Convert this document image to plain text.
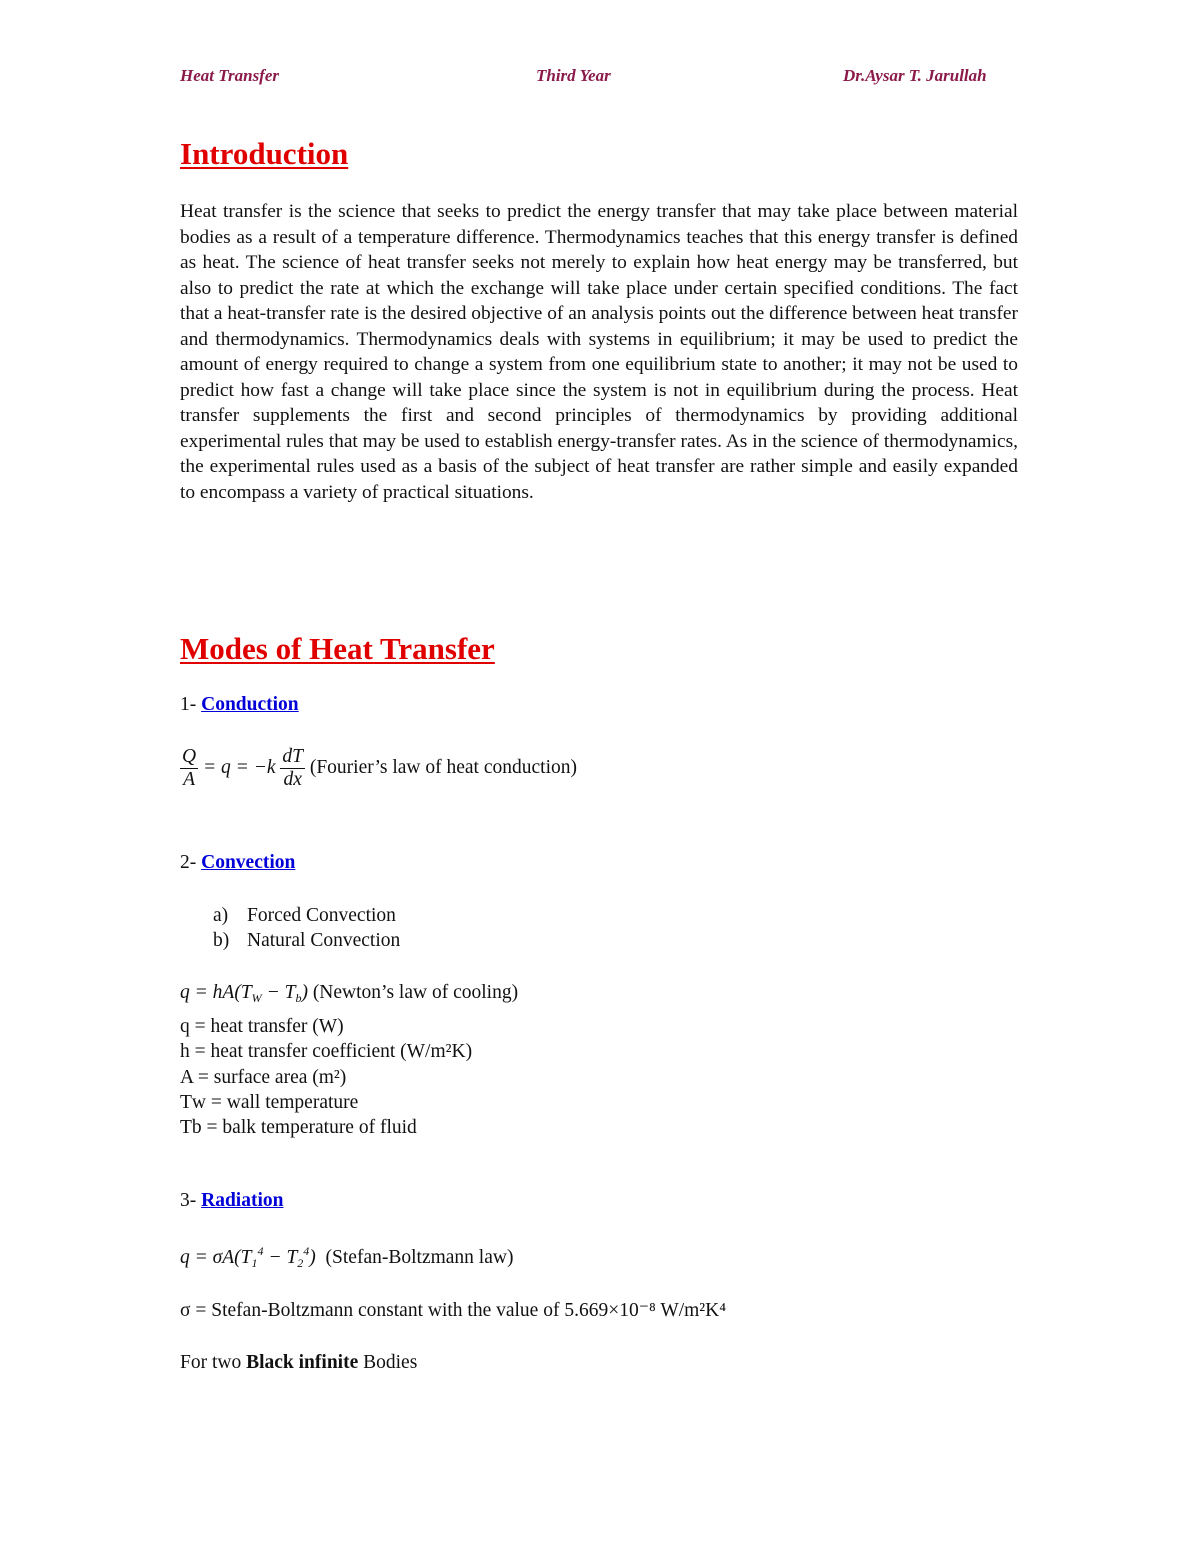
Heat Transfer	Third Year	Dr.Aysar T. Jarullah
Introduction

Heat transfer is the science that seeks to predict the energy transfer that may take place between material bodies as a result of a temperature difference. Thermodynamics teaches that this energy transfer is defined as heat. The science of heat transfer seeks not merely to explain how heat energy may be transferred, but also to predict the rate at which the exchange will take place under certain specified conditions. The fact that a heat-transfer rate is the desired objective of an analysis points out the difference between heat transfer and thermodynamics. Thermodynamics deals with systems in equilibrium; it may be used to predict the amount of energy required to change a system from one equilibrium state to another; it may not be used to predict how fast a change will take place since the system is not in equilibrium during the process. Heat transfer supplements the first and second principles of thermodynamics by providing additional experimental rules that may be used to establish energy-transfer rates. As in the science of thermodynamics, the experimental rules used as a basis of the subject of heat transfer are rather simple and easily expanded to encompass a variety of practical situations.

Modes of Heat Transfer
1- Conduction
$\frac{Q}{A} = q = -k \frac{dT}{dx}$ (Fourier’s law of heat conduction)
2- Convection
a) Forced Convection
b) Natural Convection
$q = hA(T_W - T_b)$ (Newton’s law of cooling)
q = heat transfer (W)
h = heat transfer coefficient (W/m²K)
A = surface area (m²)
Tᴡ = wall temperature
Tb = balk temperature of fluid
3- Radiation
$q = \sigma A(T_1^4 - T_2^4)$ (Stefan-Boltzmann law)
σ = Stefan-Boltzmann constant with the value of 5.669×10⁻⁸ W/m²K⁴
For two Black infinite Bodies
